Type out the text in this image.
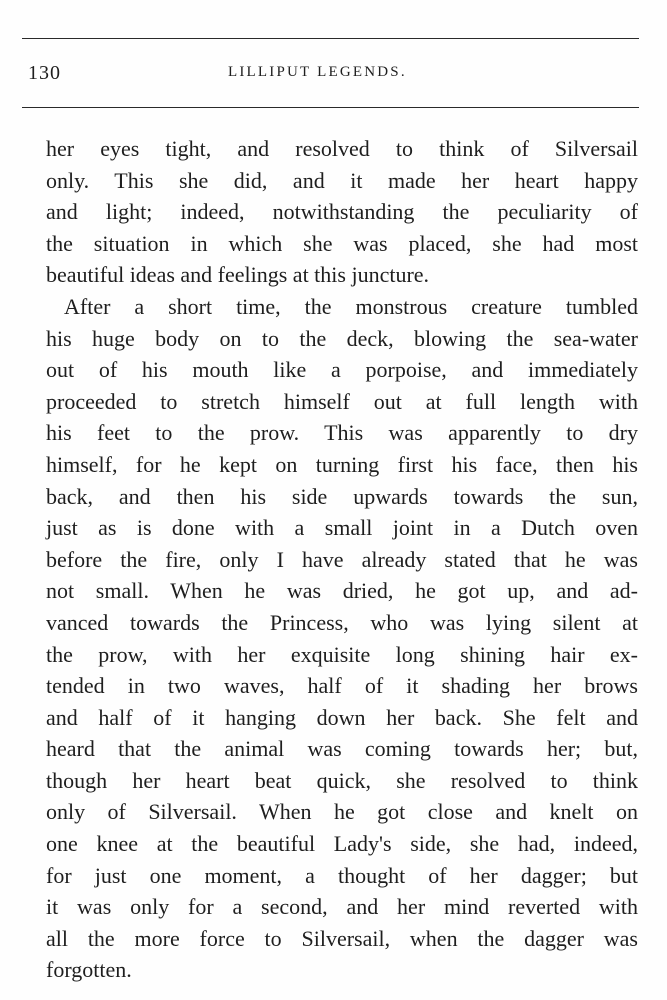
130	LILLIPUT LEGENDS.
her eyes tight, and resolved to think of Silversail
only. This she did, and it made her heart happy
and light; indeed, notwithstanding the peculiarity of
the situation in which she was placed, she had most
beautiful ideas and feelings at this juncture.
After a short time, the monstrous creature tumbled
his huge body on to the deck, blowing the sea-water
out of his mouth like a porpoise, and immediately
proceeded to stretch himself out at full length with
his feet to the prow. This was apparently to dry
himself, for he kept on turning first his face, then his
back, and then his side upwards towards the sun,
just as is done with a small joint in a Dutch oven
before the fire, only I have already stated that he was
not small. When he was dried, he got up, and ad-
vanced towards the Princess, who was lying silent at
the prow, with her exquisite long shining hair ex-
tended in two waves, half of it shading her brows
and half of it hanging down her back. She felt and
heard that the animal was coming towards her; but,
though her heart beat quick, she resolved to think
only of Silversail. When he got close and knelt on
one knee at the beautiful Lady's side, she had, indeed,
for just one moment, a thought of her dagger; but
it was only for a second, and her mind reverted with
all the more force to Silversail, when the dagger was
forgotten.
